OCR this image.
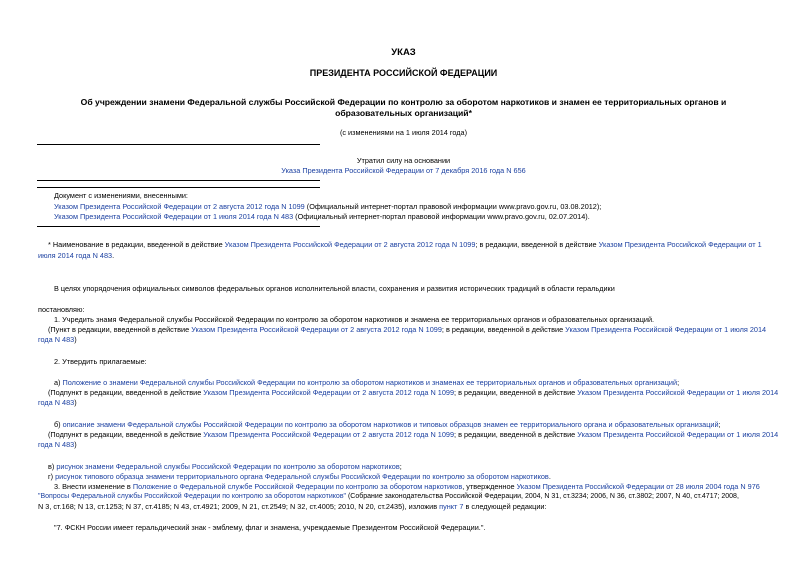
УКАЗ
ПРЕЗИДЕНТА РОССИЙСКОЙ ФЕДЕРАЦИИ
Об учреждении знамени Федеральной службы Российской Федерации по контролю за оборотом наркотиков и знамен ее территориальных органов и
образовательных организаций*
(с изменениями на 1 июля 2014 года)
Утратил силу на основании
Указа Президента Российской Федерации от 7 декабря 2016 года N 656
Документ с изменениями, внесенными:
Указом Президента Российской Федерации от 2 августа 2012 года N 1099 (Официальный интернет-портал правовой информации www.pravo.gov.ru, 03.08.2012);
Указом Президента Российской Федерации от 1 июля 2014 года N 483 (Официальный интернет-портал правовой информации www.pravo.gov.ru, 02.07.2014).
* Наименование в редакции, введенной в действие Указом Президента Российской Федерации от 2 августа 2012 года N 1099; в редакции, введенной в действие Указом Президента Российской Федерации от 1
июля 2014 года N 483.
В целях упорядочения официальных символов федеральных органов исполнительной власти, сохранения и развития исторических традиций в области геральдики
постановляю:
1. Учредить знамя Федеральной службы Российской Федерации по контролю за оборотом наркотиков и знамена ее территориальных органов и образовательных организаций.
(Пункт в редакции, введенной в действие Указом Президента Российской Федерации от 2 августа 2012 года N 1099; в редакции, введенной в действие Указом Президента Российской Федерации от 1 июля 2014
года N 483)
2. Утвердить прилагаемые:
а) Положение о знамени Федеральной службы Российской Федерации по контролю за оборотом наркотиков и знаменах ее территориальных органов и образовательных организаций;
(Подпункт в редакции, введенной в действие Указом Президента Российской Федерации от 2 августа 2012 года N 1099; в редакции, введенной в действие Указом Президента Российской Федерации от 1 июля 2014
года N 483)
б) описание знамени Федеральной службы Российской Федерации по контролю за оборотом наркотиков и типовых образцов знамен ее территориального органа и образовательных организаций;
(Подпункт в редакции, введенной в действие Указом Президента Российской Федерации от 2 августа 2012 года N 1099; в редакции, введенной в действие Указом Президента Российской Федерации от 1 июля 2014
года N 483)
в) рисунок знамени Федеральной службы Российской Федерации по контролю за оборотом наркотиков;
г) рисунок типового образца знамени территориального органа Федеральной службы Российской Федерации по контролю за оборотом наркотиков.
3. Внести изменение в Положение о Федеральной службе Российской Федерации по контролю за оборотом наркотиков, утвержденное Указом Президента Российской Федерации от 28 июля 2004 года N 976
"Вопросы Федеральной службы Российской Федерации по контролю за оборотом наркотиков" (Собрание законодательства Российской Федерации, 2004, N 31, ст.3234; 2006, N 36, ст.3802; 2007, N 40, ст.4717; 2008,
N 3, ст.168; N 13, ст.1253; N 37, ст.4185; N 43, ст.4921; 2009, N 21, ст.2549; N 32, ст.4005; 2010, N 20, ст.2435), изложив пункт 7 в следующей редакции:
"7. ФСКН России имеет геральдический знак - эмблему, флаг и знамена, учреждаемые Президентом Российской Федерации.".
